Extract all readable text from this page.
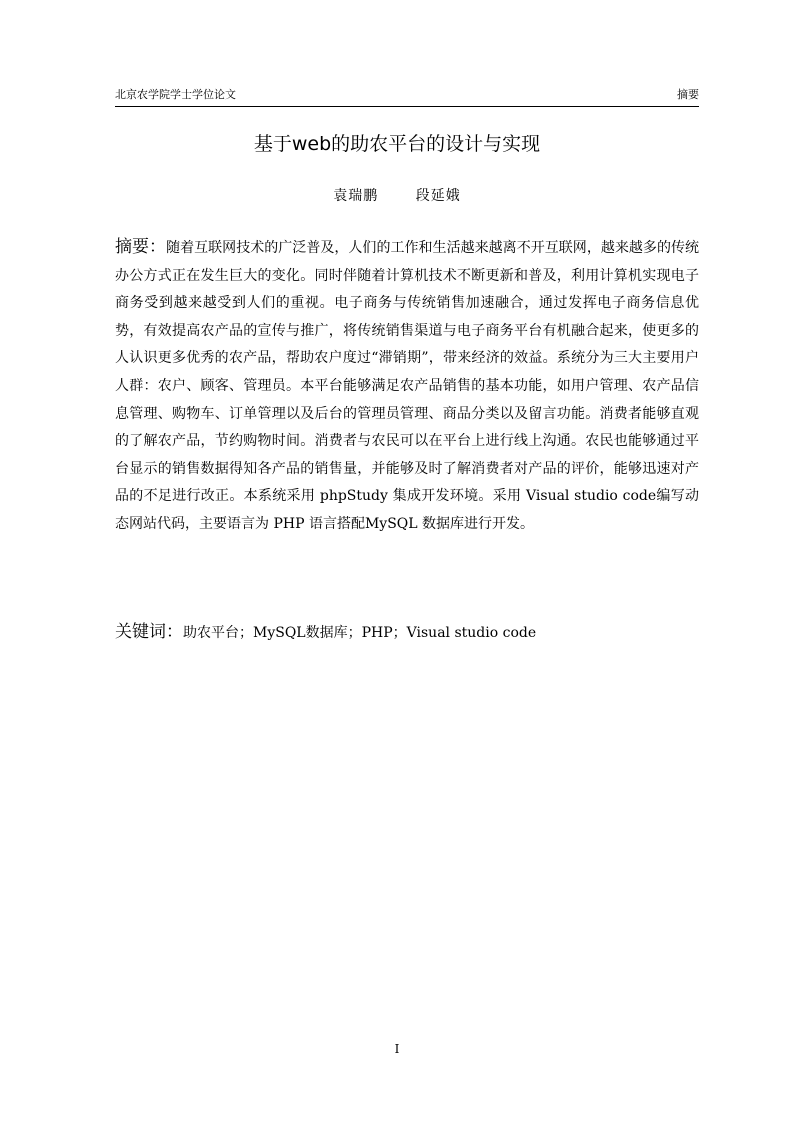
北京农学院学士学位论文	摘要
基于web的助农平台的设计与实现
袁瑞鹏	段延娥
摘要：随着互联网技术的广泛普及，人们的工作和生活越来越离不开互联网，越来越多的传统办公方式正在发生巨大的变化。同时伴随着计算机技术不断更新和普及，利用计算机实现电子商务受到越来越受到人们的重视。电子商务与传统销售加速融合，通过发挥电子商务信息优势，有效提高农产品的宣传与推广，将传统销售渠道与电子商务平台有机融合起来，使更多的人认识更多优秀的农产品，帮助农户度过“滞销期”，带来经济的效益。系统分为三大主要用户人群：农户、顾客、管理员。本平台能够满足农产品销售的基本功能，如用户管理、农产品信息管理、购物车、订单管理以及后台的管理员管理、商品分类以及留言功能。消费者能够直观的了解农产品，节约购物时间。消费者与农民可以在平台上进行线上沟通。农民也能够通过平台显示的销售数据得知各产品的销售量，并能够及时了解消费者对产品的评价，能够迅速对产品的不足进行改正。本系统采用 phpStudy 集成开发环境。采用 Visual studio code编写动态网站代码，主要语言为 PHP 语言搭配MySQL 数据库进行开发。
关键词：助农平台；MySQL数据库；PHP；Visual studio code
I
